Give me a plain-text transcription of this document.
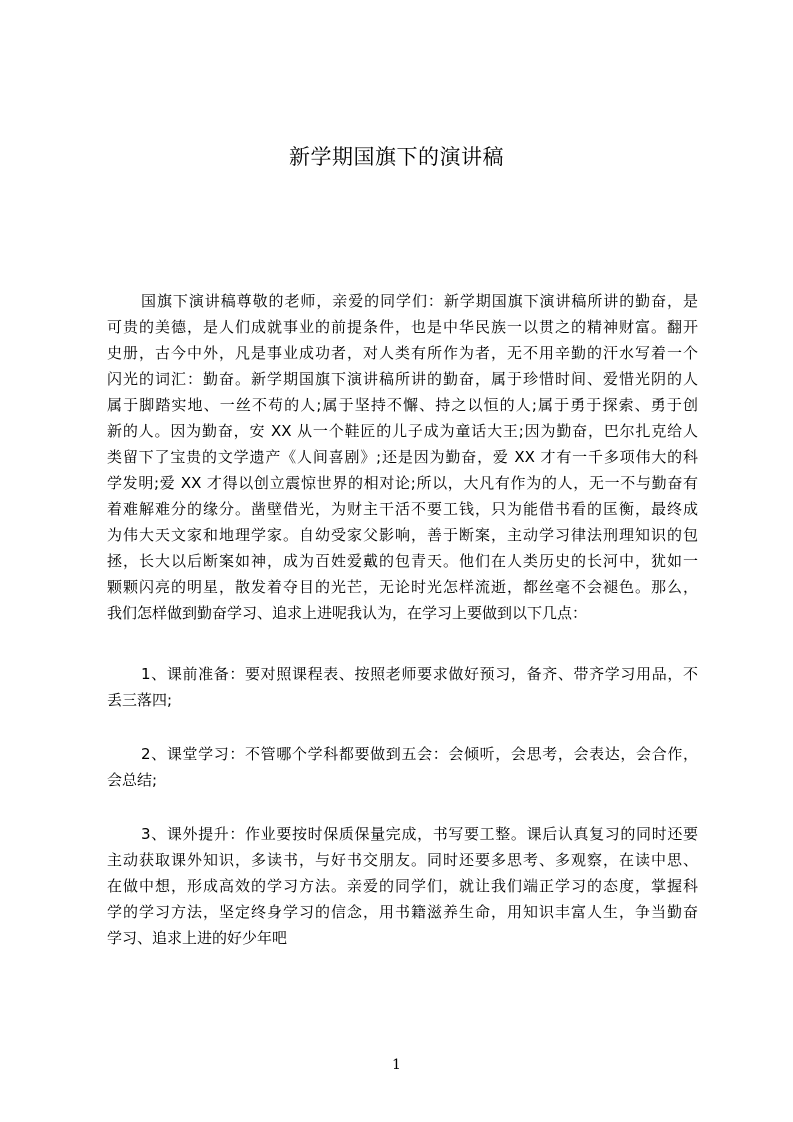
新学期国旗下的演讲稿
国旗下演讲稿尊敬的老师，亲爱的同学们：新学期国旗下演讲稿所讲的勤奋，是
可贵的美德，是人们成就事业的前提条件，也是中华民族一以贯之的精神财富。翻开
史册，古今中外，凡是事业成功者，对人类有所作为者，无不用辛勤的汗水写着一个
闪光的词汇：勤奋。新学期国旗下演讲稿所讲的勤奋，属于珍惜时间、爱惜光阴的人
属于脚踏实地、一丝不苟的人;属于坚持不懈、持之以恒的人;属于勇于探索、勇于创
新的人。因为勤奋，安 XX 从一个鞋匠的儿子成为童话大王;因为勤奋，巴尔扎克给人
类留下了宝贵的文学遗产《人间喜剧》;还是因为勤奋，爱 XX 才有一千多项伟大的科
学发明;爱 XX 才得以创立震惊世界的相对论;所以，大凡有作为的人，无一不与勤奋有
着难解难分的缘分。凿壁借光，为财主干活不要工钱，只为能借书看的匡衡，最终成
为伟大天文家和地理学家。自幼受家父影响，善于断案，主动学习律法刑理知识的包
拯，长大以后断案如神，成为百姓爱戴的包青天。他们在人类历史的长河中，犹如一
颗颗闪亮的明星，散发着夺目的光芒，无论时光怎样流逝，都丝毫不会褪色。那么，
我们怎样做到勤奋学习、追求上进呢我认为，在学习上要做到以下几点：
1、课前准备：要对照课程表、按照老师要求做好预习，备齐、带齐学习用品，不
丢三落四;
2、课堂学习：不管哪个学科都要做到五会：会倾听，会思考，会表达，会合作，
会总结;
3、课外提升：作业要按时保质保量完成，书写要工整。课后认真复习的同时还要
主动获取课外知识，多读书，与好书交朋友。同时还要多思考、多观察，在读中思、
在做中想，形成高效的学习方法。亲爱的同学们，就让我们端正学习的态度，掌握科
学的学习方法，坚定终身学习的信念，用书籍滋养生命，用知识丰富人生，争当勤奋
学习、追求上进的好少年吧
1
